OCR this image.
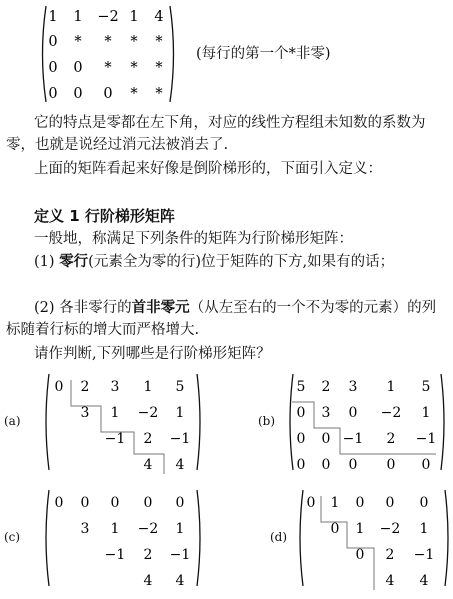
1 1 −2 1 4
0 * * * *
0 0 * * *
0 0 0 * *
(每行的第一个*非零)
它的特点是零都在左下角，对应的线性方程组未知数的系数为零，也就是说经过消元法被消去了.
上面的矩阵看起来好像是倒阶梯形的，下面引入定义：
定义 1 行阶梯形矩阵
一般地，称满足下列条件的矩阵为行阶梯形矩阵：
(1) 零行(元素全为零的行)位于矩阵的下方,如果有的话；
(2) 各非零行的首非零元（从左至右的一个不为零的元素）的列标随着行标的增大而严格增大.
请作判断,下列哪些是行阶梯形矩阵？
(a)	(b)
(c)	(d)
0 2 3 1 5
3 1 −2 1
−1 2 −1
4 4
5 2 3 1 5
0 3 0 −2 1
0 0 −1 2 −1
0 0 0 0 0
0 0 0 0 0
3 1 −2 1
−1 2 −1
4 4
0 1 0 0 0
0 1 −2 1
0 2 −1
4 4
